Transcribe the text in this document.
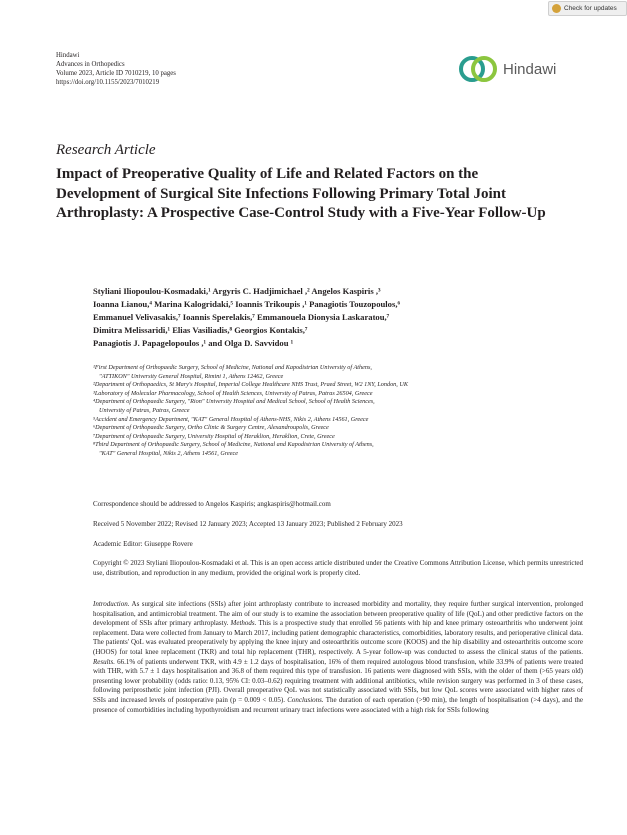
Check for updates
Hindawi
Advances in Orthopedics
Volume 2023, Article ID 7010219, 10 pages
https://doi.org/10.1155/2023/7010219
Hindawi
Research Article
Impact of Preoperative Quality of Life and Related Factors on the Development of Surgical Site Infections Following Primary Total Joint Arthroplasty: A Prospective Case-Control Study with a Five-Year Follow-Up
Styliani Iliopoulou-Kosmadaki,¹ Argyris C. Hadjimichael ,² Angelos Kaspiris ,³
Ioanna Lianou,⁴ Marina Kalogridaki,⁵ Ioannis Trikoupis ,¹ Panagiotis Touzopoulos,⁶
Emmanuel Velivasakis,⁷ Ioannis Sperelakis,⁷ Emmanouela Dionysia Laskaratou,⁷
Dimitra Melissaridi,¹ Elias Vasiliadis,⁸ Georgios Kontakis,⁷
Panagiotis J. Papagelopoulos ,¹ and Olga D. Savvidou ¹
¹First Department of Orthopaedic Surgery, School of Medicine, National and Kapodistrian University of Athens,
"ATTIKON" University General Hospital, Rimini 1, Athens 12462, Greece
²Department of Orthopaedics, St Mary's Hospital, Imperial College Healthcare NHS Trust, Praed Street, W2 1NY, London, UK
³Laboratory of Molecular Pharmacology, School of Health Sciences, University of Patras, Patras 26504, Greece
⁴Department of Orthopaedic Surgery, "Rion" University Hospital and Medical School, School of Health Sciences,
University of Patras, Patras, Greece
⁵Accident and Emergency Department, "KAT" General Hospital of Athens-NHS, Nikis 2, Athens 14561, Greece
⁶Department of Orthopaedic Surgery, Ortho Clinic & Surgery Centre, Alexandroupolis, Greece
⁷Department of Orthopaedic Surgery, University Hospital of Heraklion, Heraklion, Crete, Greece
⁸Third Department of Orthopaedic Surgery, School of Medicine, National and Kapodistrian University of Athens,
"KAT" General Hospital, Nikis 2, Athens 14561, Greece
Correspondence should be addressed to Angelos Kaspiris; angkaspiris@hotmail.com
Received 5 November 2022; Revised 12 January 2023; Accepted 13 January 2023; Published 2 February 2023
Academic Editor: Giuseppe Rovere
Copyright © 2023 Styliani Iliopoulou-Kosmadaki et al. This is an open access article distributed under the Creative Commons Attribution License, which permits unrestricted use, distribution, and reproduction in any medium, provided the original work is properly cited.
Introduction. As surgical site infections (SSIs) after joint arthroplasty contribute to increased morbidity and mortality, they require further surgical intervention, prolonged hospitalisation, and antimicrobial treatment. The aim of our study is to examine the association between preoperative quality of life (QoL) and other predictive factors on the development of SSIs after primary arthroplasty. Methods. This is a prospective study that enrolled 56 patients with hip and knee primary osteoarthritis who underwent joint replacement. Data were collected from January to March 2017, including patient demographic characteristics, comorbidities, laboratory results, and perioperative clinical data. The patients' QoL was evaluated preoperatively by applying the knee injury and osteoarthritis outcome score (KOOS) and the hip disability and osteoarthritis outcome score (HOOS) for total knee replacement (TKR) and total hip replacement (THR), respectively. A 5-year follow-up was conducted to assess the clinical status of the patients. Results. 66.1% of patients underwent TKR, with 4.9 ± 1.2 days of hospitalisation, 16% of them required autologous blood transfusion, while 33.9% of patients were treated with THR, with 5.7 ± 1 days hospitalisation and 36.8 of them required this type of transfusion. 16 patients were diagnosed with SSIs, with the older of them (>65 years old) presenting lower probability (odds ratio: 0.13, 95% CI: 0.03–0.62) requiring treatment with additional antibiotics, while revision surgery was performed in 3 of these cases, following periprosthetic joint infection (PJI). Overall preoperative QoL was not statistically associated with SSIs, but low QoL scores were associated with higher rates of SSIs and increased levels of postoperative pain (p = 0.009 < 0.05). Conclusions. The duration of each operation (>90 min), the length of hospitalisation (>4 days), and the presence of comorbidities including hypothyroidism and recurrent urinary tract infections were associated with a high risk for SSIs following
